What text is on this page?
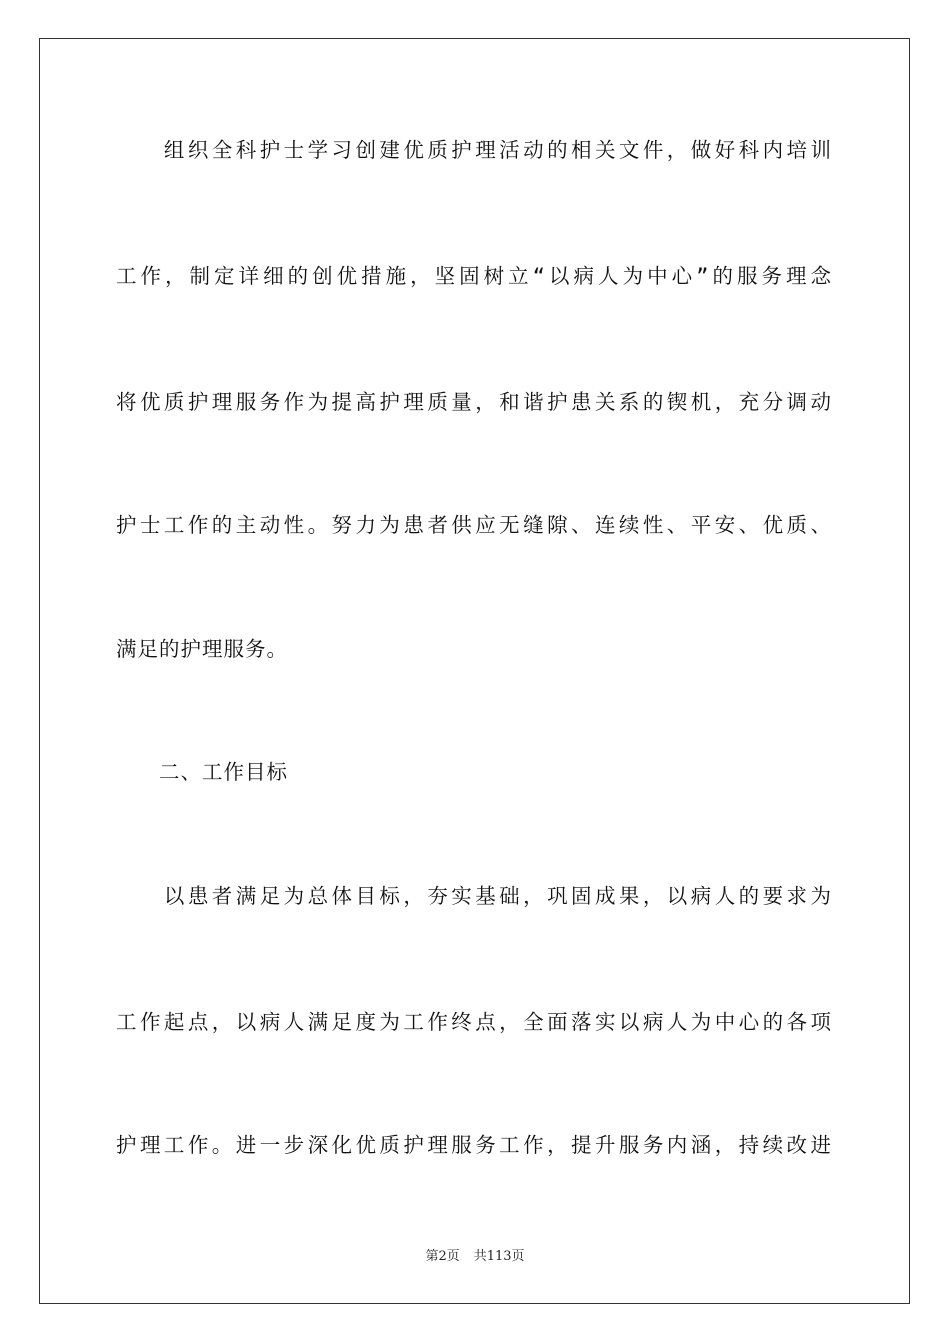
　　组织全科护士学习创建优质护理活动的相关文件，做好科内培训
工作，制定详细的创优措施，坚固树立“以病人为中心”的服务理念
将优质护理服务作为提高护理质量，和谐护患关系的锲机，充分调动
护士工作的主动性。努力为患者供应无缝隙、连续性、平安、优质、
满足的护理服务。
　　二、工作目标
　　以患者满足为总体目标，夯实基础，巩固成果，以病人的要求为
工作起点，以病人满足度为工作终点，全面落实以病人为中心的各项
护理工作。进一步深化优质护理服务工作，提升服务内涵，持续改进
第2页 共113页
